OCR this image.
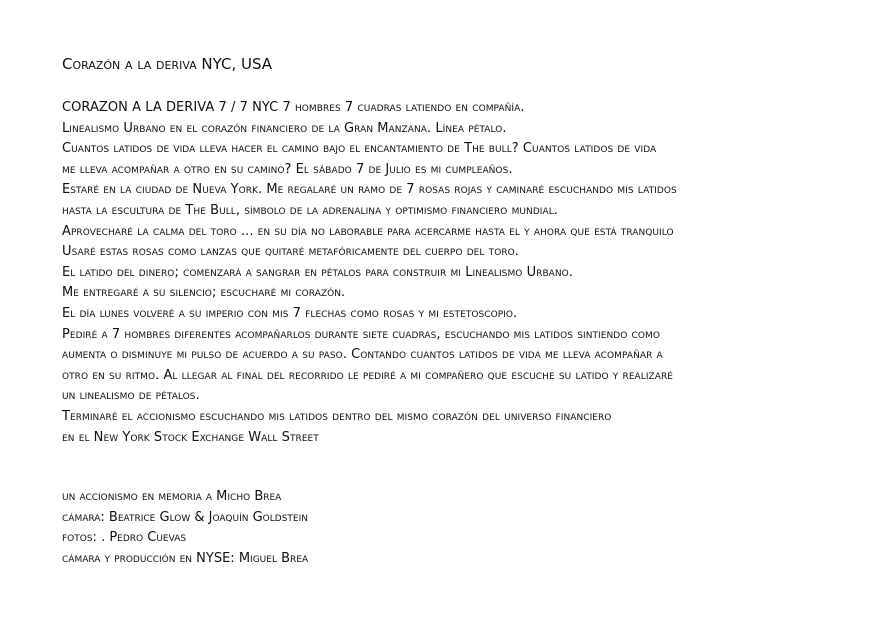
Corazón a la deriva NYC, USA
CORAZON A LA DERIVA 7 / 7 NYC 7 hombres 7 cuadras latiendo en compañía.
Linealismo Urbano en el corazón financiero de la Gran Manzana. Línea pétalo.
Cuantos latidos de vida lleva hacer el camino bajo el encantamiento de The bull? Cuantos latidos de vida
me lleva acompañar a otro en su camino? El sábado 7 de Julio es mi cumpleaños.
Estaré en la ciudad de Nueva York. Me regalaré un ramo de 7 rosas rojas y caminaré escuchando mis latidos
hasta la escultura de The Bull, símbolo de la adrenalina y optimismo financiero mundial.
Aprovecharé la calma del toro ... en su día no laborable para acercarme hasta el y ahora que está tranquilo
Usaré estas rosas como lanzas que quitaré metafóricamente del cuerpo del toro.
El latido del dinero; comenzará a sangrar en pétalos para construir mi Linealismo Urbano.
Me entregaré a su silencio; escucharé mi corazón.
El día lunes volveré a su imperio con mis 7 flechas como rosas y mi estetoscopio.
Pediré a 7 hombres diferentes acompañarlos durante siete cuadras, escuchando mis latidos sintiendo como
aumenta o disminuye mi pulso de acuerdo a su paso. Contando cuantos latidos de vida me lleva acompañar a
otro en su ritmo. Al llegar al final del recorrido le pediré a mi compañero que escuche su latido y realizaré
un linealismo de pétalos.
Terminaré el accionismo escuchando mis latidos dentro del mismo corazón del universo financiero
en el New York Stock Exchange Wall Street
un accionismo en memoria a Micho Brea
cámara: Beatrice Glow & Joaquín Goldstein
fotos: . Pedro Cuevas
cámara y producción en NYSE: Miguel Brea
